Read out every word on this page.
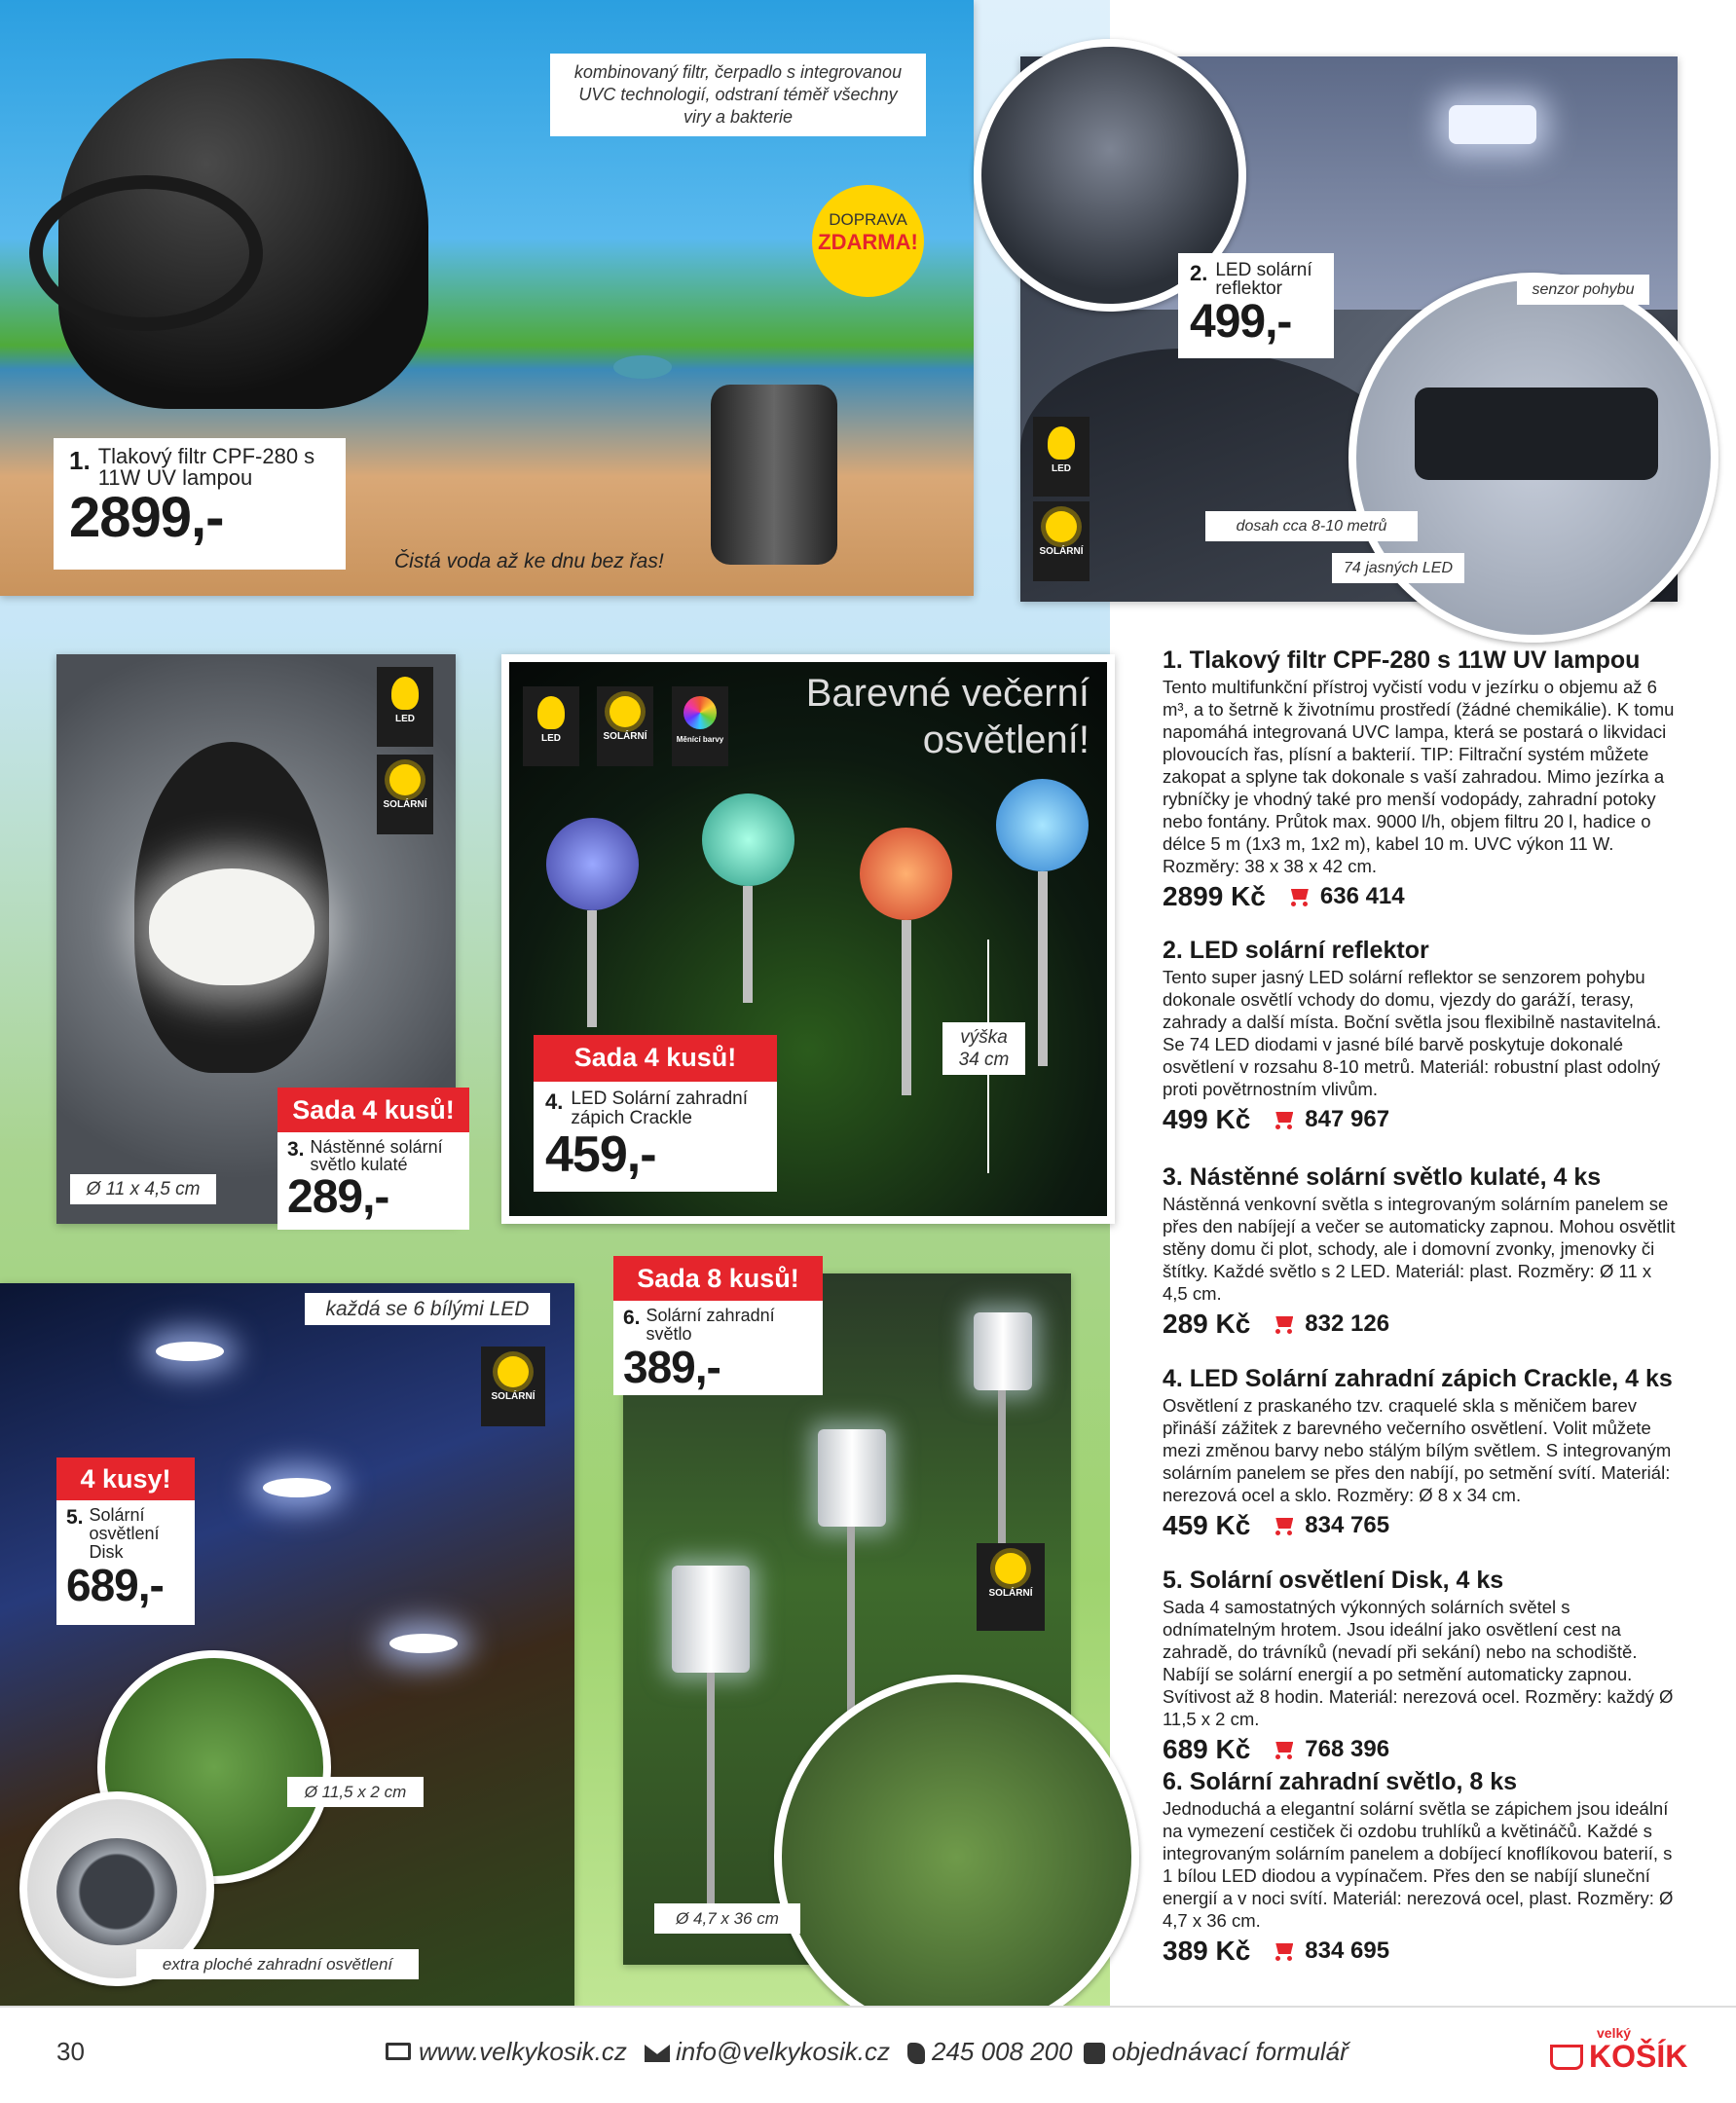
kombinovaný filtr, čerpadlo s integrovanou UVC technologií, odstraní téměř všechny viry a bakterie
DOPRAVA
ZDARMA!
1. Tlakový filtr CPF-280 s 11W UV lampou
2899,-
Čistá voda až ke dnu bez řas!
2. LED solární reflektor
499,-
senzor pohybu
dosah cca 8-10 metrů
74 jasných LED
LED
SOLÁRNÍ
LED
SOLÁRNÍ
Sada 4 kusů!
3. Nástěnné solární světlo kulaté
289,-
Ø 11 x 4,5 cm
Barevné večerní
osvětlení!
výška 34 cm
LED	SOLÁRNÍ	Měnící barvy
Sada 4 kusů!
4. LED Solární zahradní zápich Crackle
459,-
každá se 6 bílými LED
SOLÁRNÍ
4 kusy!
5. Solární osvětlení Disk
689,-
Ø 11,5 x 2 cm
extra ploché zahradní osvětlení
Sada 8 kusů!
6. Solární zahradní světlo
389,-
SOLÁRNÍ
Ø 4,7 x 36 cm
1. Tlakový filtr CPF-280 s 11W UV lampou

Tento multifunkční přístroj vyčistí vodu v jezírku o objemu až 6 m³, a to šetrně k životnímu prostředí (žádné chemikálie). K tomu napomáhá integrovaná UVC lampa, která se postará o likvidaci plovoucích řas, plísní a bakterií. TIP: Filtrační systém můžete zakopat a splyne tak dokonale s vaší zahradou. Mimo jezírka a rybníčky je vhodný také pro menší vodopády, zahradní potoky nebo fontány. Průtok max. 9000 l/h, objem filtru 20 l, hadice o délce 5 m (1x3 m, 1x2 m), kabel 10 m. UVC výkon 11 W. Rozměry: 38 x 38 x 42 cm.

2899 Kč 636 414
2. LED solární reflektor

Tento super jasný LED solární reflektor se senzorem pohybu dokonale osvětlí vchody do domu, vjezdy do garáží, terasy, zahrady a další místa. Boční světla jsou flexibilně nastavitelná. Se 74 LED diodami v jasné bílé barvě poskytuje dokonalé osvětlení v rozsahu 8-10 metrů. Materiál: robustní plast odolný proti povětrnostním vlivům.

499 Kč 847 967
3. Nástěnné solární světlo kulaté, 4 ks

Nástěnná venkovní světla s integrovaným solárním panelem se přes den nabíjejí a večer se automaticky zapnou. Mohou osvětlit stěny domu či plot, schody, ale i domovní zvonky, jmenovky či štítky. Každé světlo s 2 LED. Materiál: plast. Rozměry: Ø 11 x 4,5 cm.

289 Kč 832 126
4. LED Solární zahradní zápich Crackle, 4 ks

Osvětlení z praskaného tzv. craquelé skla s měničem barev přináší zážitek z barevného večerního osvětlení. Volit můžete mezi změnou barvy nebo stálým bílým světlem. S integrovaným solárním panelem se přes den nabíjí, po setmění svítí. Materiál: nerezová ocel a sklo. Rozměry: Ø 8 x 34 cm.

459 Kč 834 765
5. Solární osvětlení Disk, 4 ks

Sada 4 samostatných výkonných solárních světel s odnímatelným hrotem. Jsou ideální jako osvětlení cest na zahradě, do trávníků (nevadí při sekání) nebo na schodiště. Nabíjí se solární energií a po setmění automaticky zapnou. Svítivost až 8 hodin. Materiál: nerezová ocel. Rozměry: každý Ø 11,5 x 2 cm.

689 Kč 768 396
6. Solární zahradní světlo, 8 ks

Jednoduchá a elegantní solární světla se zápichem jsou ideální na vymezení cestiček či ozdobu truhlíků a květináčů. Každé s integrovaným solárním panelem a dobíjecí knoflíkovou baterií, s 1 bílou LED diodou a vypínačem. Přes den se nabíjí sluneční energií a v noci svítí. Materiál: nerezová ocel, plast. Rozměry: Ø 4,7 x 36 cm.

389 Kč 834 695
30	www.velkykosik.cz info@velkykosik.cz 245 008 200 objednávací formulář
velký
KOŠÍK
